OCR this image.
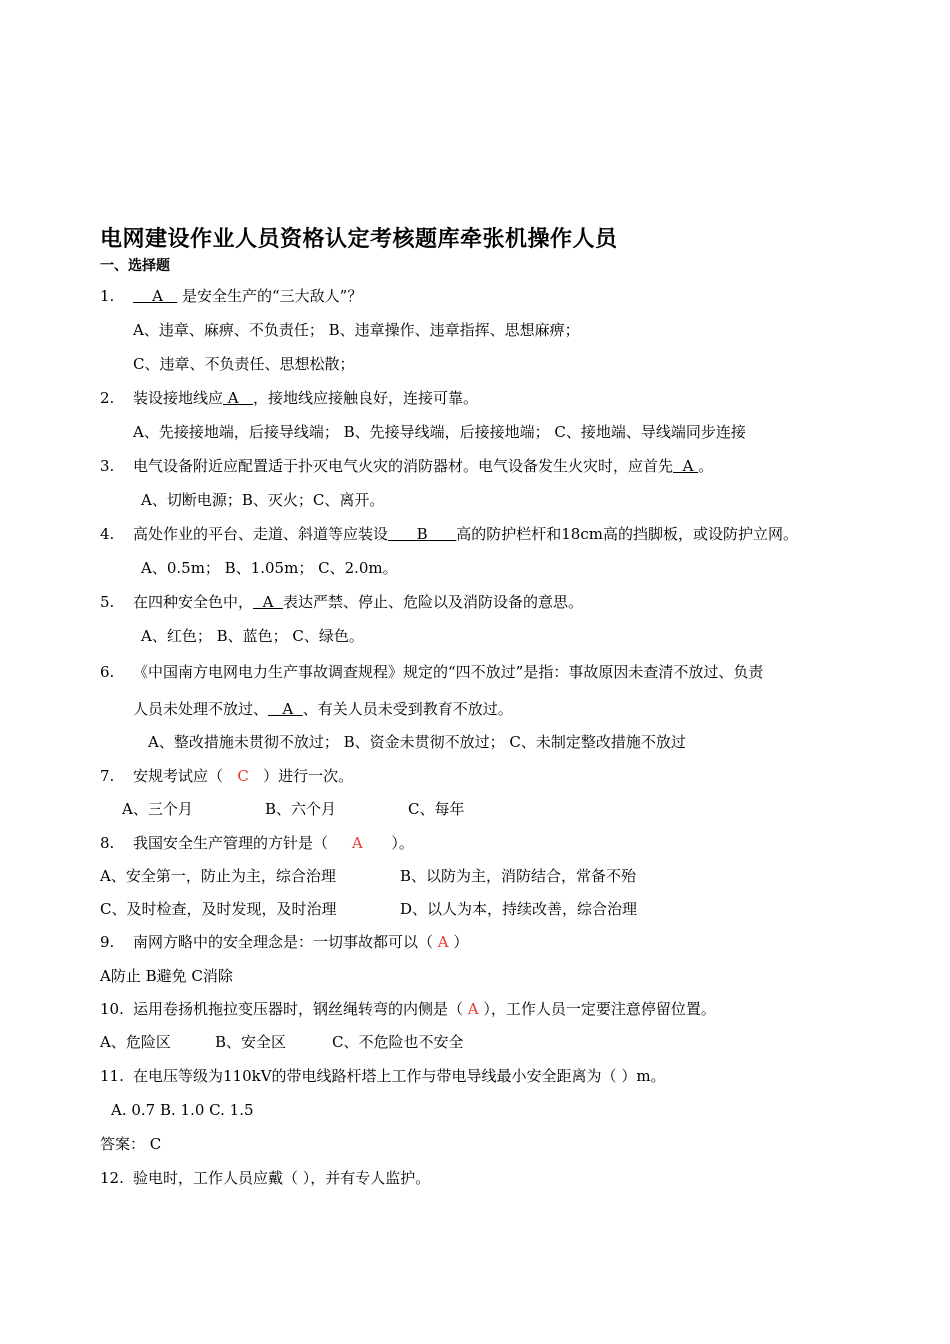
电网建设作业人员资格认定考核题库牵张机操作人员
一、选择题
1.	A 是安全生产的“三大敌人”？
A、违章、麻痹、不负责任； B、违章操作、违章指挥、思想麻痹；
C、违章、不负责任、思想松散；
2. 装设接地线应 A ，接地线应接触良好，连接可靠。
A、先接接地端，后接导线端； B、先接导线端，后接接地端； C、接地端、导线端同步连接
3. 电气设备附近应配置适于扑灭电气火灾的消防器材。电气设备发生火灾时，应首先 A 。
A、切断电源；B、灭火；C、离开。
4. 高处作业的平台、走道、斜道等应装设 B 高的防护栏杆和18cm高的挡脚板，或设防护立网。
A、0.5m； B、1.05m； C、2.0m。
5. 在四种安全色中， A 表达严禁、停止、危险以及消防设备的意思。
A、红色； B、蓝色； C、绿色。
6. 《中国南方电网电力生产事故调查规程》规定的“四不放过”是指：事故原因未查清不放过、负责
人员未处理不放过、 A 、有关人员未受到教育不放过。
A、整改措施未贯彻不放过； B、资金未贯彻不放过； C、未制定整改措施不放过
7. 安规考试应（ C ）进行一次。
A、三个月	B、六个月	C、每年
8. 我国安全生产管理的方针是（ A ）。
A、安全第一，防止为主，综合治理	B、以防为主，消防结合，常备不殆
C、及时检查，及时发现，及时治理	D、以人为本，持续改善，综合治理
9. 南网方略中的安全理念是：一切事故都可以（ A ）
A防止 B避免 C消除
10. 运用卷扬机拖拉变压器时，钢丝绳转弯的内侧是（ A ），工作人员一定要注意停留位置。
A、危险区	B、安全区	C、不危险也不安全
11. 在电压等级为110kV的带电线路杆塔上工作与带电导线最小安全距离为（ ）m。
A. 0.7 B. 1.0 C. 1.5
答案： C
12. 验电时，工作人员应戴（ ），并有专人监护。
